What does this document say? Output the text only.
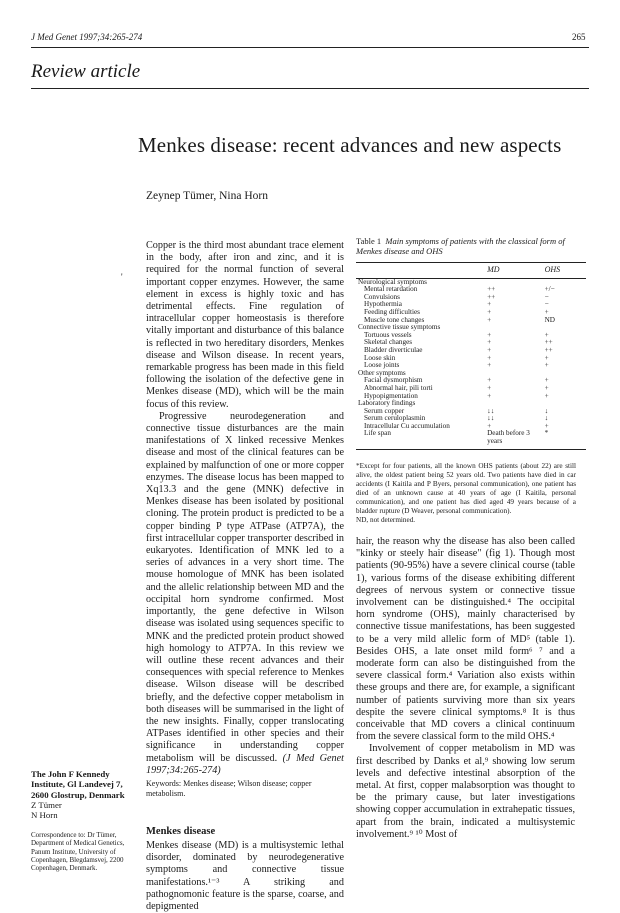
J Med Genet 1997;34:265-274	265
Review article
Menkes disease: recent advances and new aspects
Zeynep Tümer, Nina Horn
'

Copper is the third most abundant trace element in the body, after iron and zinc, and it is required for the normal function of several important copper enzymes. However, the same element in excess is highly toxic and has detrimental effects. Fine regulation of intracellular copper homeostasis is therefore vitally important and disturbance of this balance is reflected in two hereditary disorders, Menkes disease and Wilson disease. In recent years, remarkable progress has been made in this field following the isolation of the defective gene in Menkes disease (MD), which will be the main focus of this review.

Progressive neurodegeneration and connective tissue disturbances are the main manifestations of X linked recessive Menkes disease and most of the clinical features can be explained by malfunction of one or more copper enzymes. The disease locus has been mapped to Xq13.3 and the gene (MNK) defective in Menkes disease has been isolated by positional cloning. The protein product is predicted to be a copper binding P type ATPase (ATP7A), the first intracellular copper transporter described in eukaryotes. Identification of MNK led to a series of advances in a very short time. The mouse homologue of MNK has been isolated and the allelic relationship between MD and the occipital horn syndrome confirmed. Most importantly, the gene defective in Wilson disease was isolated using sequences specific to MNK and the predicted protein product showed high homology to ATP7A. In this review we will outline these recent advances and their consequences with special reference to Menkes disease. Wilson disease will be described briefly, and the defective copper metabolism in both diseases will be summarised in the light of the new insights. Finally, copper translocating ATPases identified in other species and their significance in understanding copper metabolism will be discussed. (J Med Genet 1997;34:265-274)

Keywords: Menkes disease; Wilson disease; copper metabolism.
Menkes disease

Menkes disease (MD) is a multisystemic lethal disorder, dominated by neurodegenerative symptoms and connective tissue manifestations.¹⁻³ A striking and pathognomonic feature is the sparse, coarse, and depigmented

The John F Kennedy Institute, Gl Landevej 7, 2600 Glostrup, Denmark
Z Tümer
N Horn
Correspondence to: Dr Tümer, Department of Medical Genetics, Panum Institute, University of Copenhagen, Blegdamsvej, 2200 Copenhagen, Denmark.
Table 1 Main symptoms of patients with the classical form of Menkes disease and OHS
	MD	OHS
Neurological symptoms		
Mental retardation	++	+/−
Convulsions	++	−
Hypothermia	+	−
Feeding difficulties	+	+
Muscle tone changes	+	ND
Connective tissue symptoms		
Tortuous vessels	+	+
Skeletal changes	+	++
Bladder diverticulae	+	++
Loose skin	+	+
Loose joints	+	+
Other symptoms		
Facial dysmorphism	+	+
Abnormal hair, pili torti	+	+
Hypopigmentation	+	+
Laboratory findings		
Serum copper	↓↓	↓
Serum ceruloplasmin	↓↓	↓
Intracellular Cu accumulation	+	+
Life span	Death before 3 years	*
*Except for four patients, all the known OHS patients (about 22) are still alive, the oldest patient being 52 years old. Two patients have died in car accidents (I Kaitila and P Byers, personal communication), one patient has died of an unknown cause at 40 years of age (I Kaitila, personal communication), and one patient has died aged 49 years because of a bladder rupture (D Weaver, personal communication).
ND, not determined.

hair, the reason why the disease has also been called "kinky or steely hair disease" (fig 1). Though most patients (90-95%) have a severe clinical course (table 1), various forms of the disease exhibiting different degrees of nervous system or connective tissue involvement can be distinguished.⁴ The occipital horn syndrome (OHS), mainly characterised by connective tissue manifestations, has been suggested to be a very mild allelic form of MD⁵ (table 1). Besides OHS, a late onset mild form⁶ ⁷ and a moderate form can also be distinguished from the severe classical form.⁴ Variation also exists within these groups and there are, for example, a significant number of patients surviving more than six years despite the severe clinical symptoms.⁸ It is thus conceivable that MD covers a clinical continuum from the severe classical form to the mild OHS.⁴

Involvement of copper metabolism in MD was first described by Danks et al,⁹ showing low serum levels and defective intestinal absorption of the metal. At first, copper malabsorption was thought to be the primary cause, but later investigations showing copper accumulation in extrahepatic tissues, apart from the brain, indicated a multisystemic involvement.⁹ ¹⁰ Most of
